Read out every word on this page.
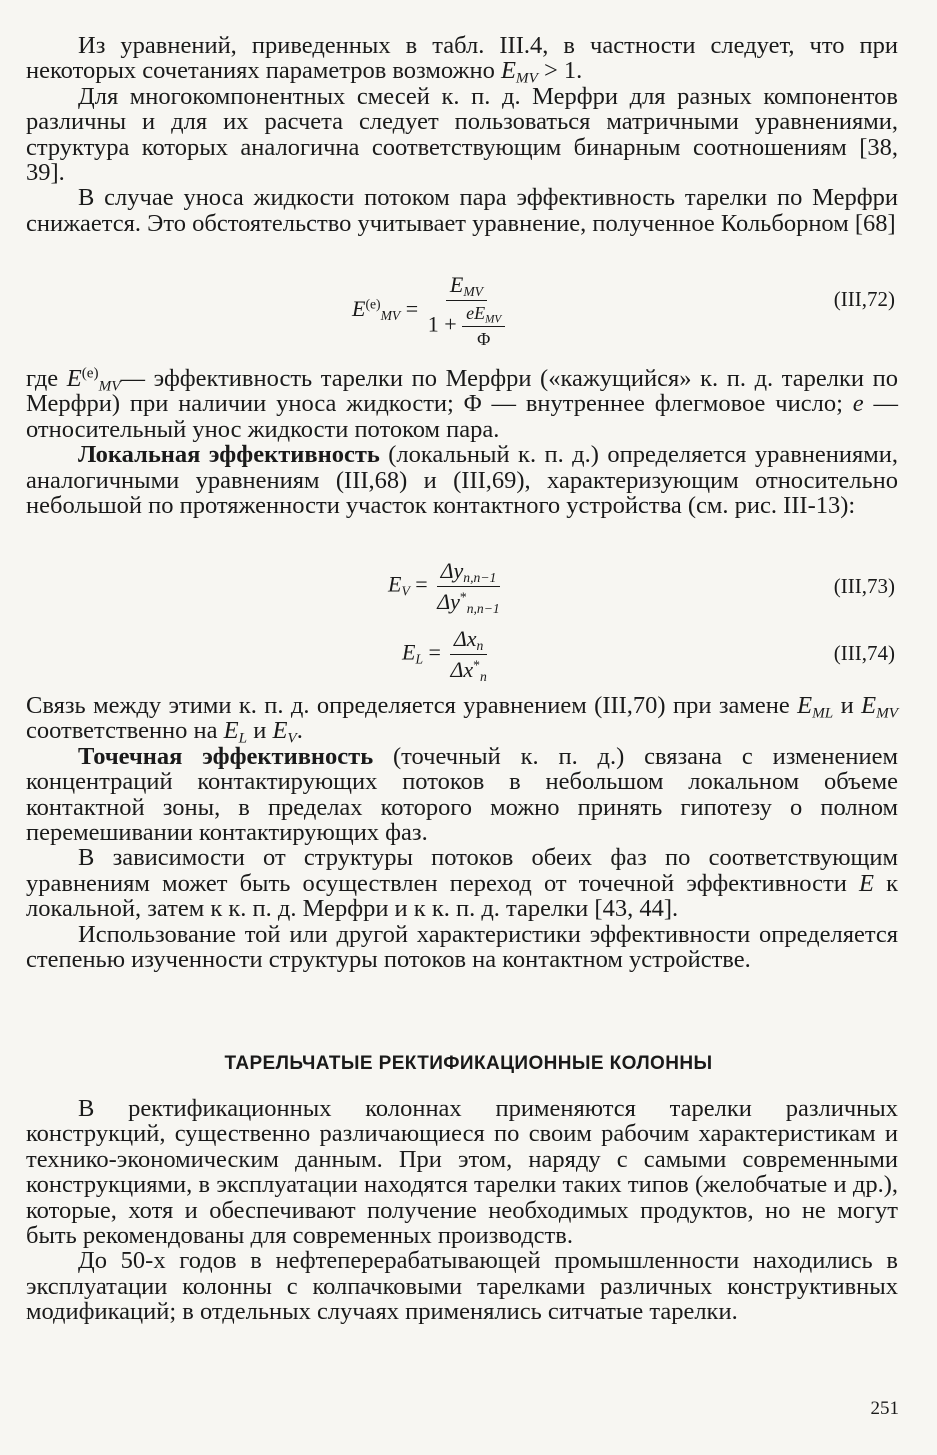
Из уравнений, приведенных в табл. III.4, в частности следует, что при некоторых сочетаниях параметров возможно $E_{MV} > 1$.

Для многокомпонентных смесей к. п. д. Мерфри для разных компонентов различны и для их расчета следует пользоваться матричными уравнениями, структура которых аналогична соответствующим бинарным соотношениям [38, 39].

В случае уноса жидкости потоком пара эффективность тарелки по Мерфри снижается. Это обстоятельство учитывает уравнение, полученное Кольборном [68]

$E^{(e)}_{MV} = \frac{E_{MV}}{1 + \frac{eE_{MV}}{\Phi}}$	(III,72)

где $E^{(e)}_{MV}—$ эффективность тарелки по Мерфри («кажущийся» к. п. д. тарелки по Мерфри) при наличии уноса жидкости; Φ — внутреннее флегмовое число; e — относительный унос жидкости потоком пара.

Локальная эффективность (локальный к. п. д.) определяется уравнениями, аналогичными уравнениям (III,68) и (III,69), характеризующим относительно небольшой по протяженности участок контактного устройства (см. рис. III-13):

$E_V = \frac{\Delta y_{n,n-1}}{\Delta y^*_{n,n-1}}$	(III,73)
$E_L = \frac{\Delta x_n}{\Delta x^*_n}$	(III,74)

Связь между этими к. п. д. определяется уравнением (III,70) при замене $E_{ML}$ и $E_{MV}$ соответственно на $E_L$ и $E_V$.

Точечная эффективность (точечный к. п. д.) связана с изменением концентраций контактирующих потоков в небольшом локальном объеме контактной зоны, в пределах которого можно принять гипотезу о полном перемешивании контактирующих фаз.

В зависимости от структуры потоков обеих фаз по соответствующим уравнениям может быть осуществлен переход от точечной эффективности E к локальной, затем к к. п. д. Мерфри и к к. п. д. тарелки [43, 44].

Использование той или другой характеристики эффективности определяется степенью изученности структуры потоков на контактном устройстве.

ТАРЕЛЬЧАТЫЕ РЕКТИФИКАЦИОННЫЕ КОЛОННЫ

В ректификационных колоннах применяются тарелки различных конструкций, существенно различающиеся по своим рабочим характеристикам и технико-экономическим данным. При этом, наряду с самыми современными конструкциями, в эксплуатации находятся тарелки таких типов (желобчатые и др.), которые, хотя и обеспечивают получение необходимых продуктов, но не могут быть рекомендованы для современных производств.

До 50-х годов в нефтеперерабатывающей промышленности находились в эксплуатации колонны с колпачковыми тарелками различных конструктивных модификаций; в отдельных случаях применялись ситчатые тарелки.

251
